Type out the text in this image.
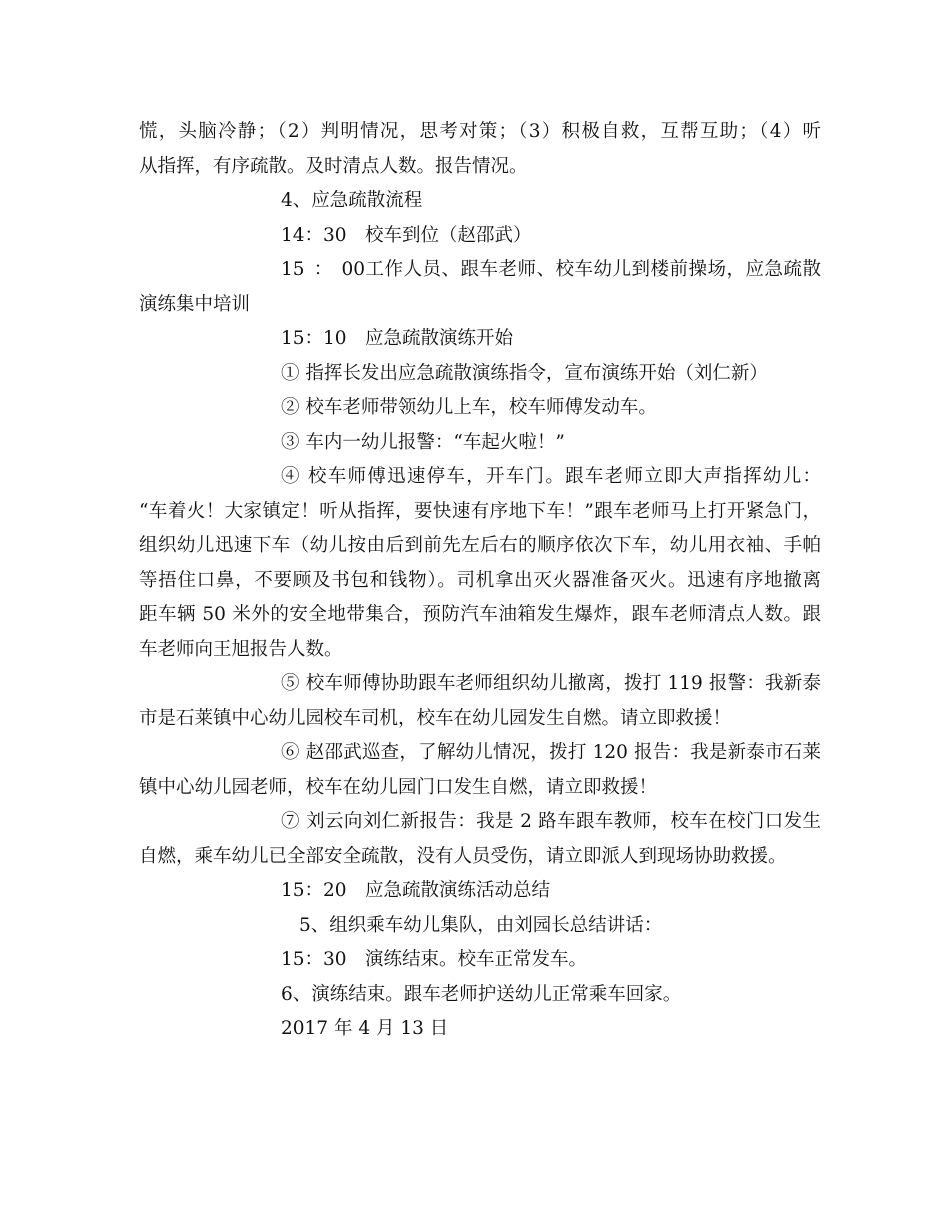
慌，头脑冷静；（2）判明情况，思考对策；（3）积极自救，互帮互助；（4）听
从指挥，有序疏散。及时清点人数。报告情况。
4、应急疏散流程
14：30 校车到位（赵邵武）
15：00工作人员、跟车老师、校车幼儿到楼前操场，应急疏散
演练集中培训
15：10 应急疏散演练开始
① 指挥长发出应急疏散演练指令，宣布演练开始（刘仁新）
② 校车老师带领幼儿上车，校车师傅发动车。
③ 车内一幼儿报警：“车起火啦！”
④ 校车师傅迅速停车，开车门。跟车老师立即大声指挥幼儿：
“车着火！大家镇定！听从指挥，要快速有序地下车！”跟车老师马上打开紧急门，
组织幼儿迅速下车（幼儿按由后到前先左后右的顺序依次下车，幼儿用衣袖、手帕
等捂住口鼻，不要顾及书包和钱物）。司机拿出灭火器准备灭火。迅速有序地撤离
距车辆 50 米外的安全地带集合，预防汽车油箱发生爆炸，跟车老师清点人数。跟
车老师向王旭报告人数。
⑤ 校车师傅协助跟车老师组织幼儿撤离，拨打 119 报警：我新泰
市是石莱镇中心幼儿园校车司机，校车在幼儿园发生自燃。请立即救援！
⑥ 赵邵武巡查，了解幼儿情况，拨打 120 报告：我是新泰市石莱
镇中心幼儿园老师，校车在幼儿园门口发生自燃，请立即救援！
⑦ 刘云向刘仁新报告：我是 2 路车跟车教师，校车在校门口发生
自燃，乘车幼儿已全部安全疏散，没有人员受伤，请立即派人到现场协助救援。
15：20 应急疏散演练活动总结
5、组织乘车幼儿集队，由刘园长总结讲话：
15：30 演练结束。校车正常发车。
6、演练结束。跟车老师护送幼儿正常乘车回家。
2017 年 4 月 13 日
